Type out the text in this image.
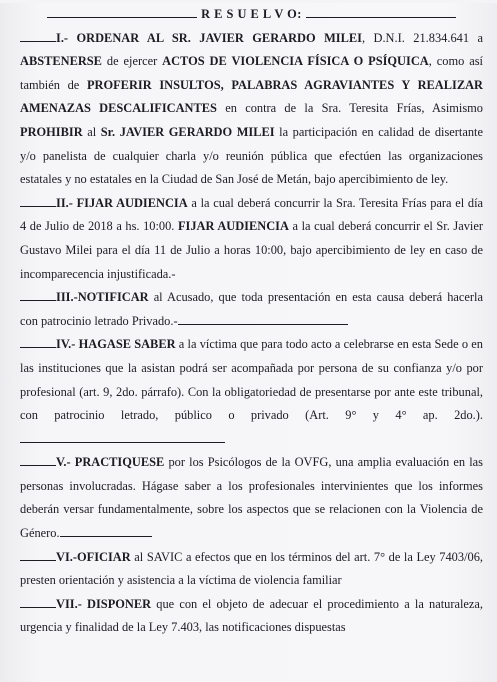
R E S U E L V O:

I.- ORDENAR AL SR. JAVIER GERARDO MILEI, D.N.I. 21.834.641 a ABSTENERSE de ejercer ACTOS DE VIOLENCIA FÍSICA O PSÍQUICA, como así también de PROFERIR INSULTOS, PALABRAS AGRAVIANTES Y REALIZAR AMENAZAS DESCALIFICANTES en contra de la Sra. Teresita Frías, Asimismo PROHIBIR al Sr. JAVIER GERARDO MILEI la participación en calidad de disertante y/o panelista de cualquier charla y/o reunión pública que efectúen las organizaciones estatales y no estatales en la Ciudad de San José de Metán, bajo apercibimiento de ley.

II.- FIJAR AUDIENCIA a la cual deberá concurrir la Sra. Teresita Frías para el día 4 de Julio de 2018 a hs. 10:00. FIJAR AUDIENCIA a la cual deberá concurrir el Sr. Javier Gustavo Milei para el día 11 de Julio a horas 10:00, bajo apercibimiento de ley en caso de incomparecencia injustificada.-

III.-NOTIFICAR al Acusado, que toda presentación en esta causa deberá hacerla con patrocinio letrado Privado.-

IV.- HAGASE SABER a la víctima que para todo acto a celebrarse en esta Sede o en las instituciones que la asistan podrá ser acompañada por persona de su confianza y/o por profesional (art. 9, 2do. párrafo). Con la obligatoriedad de presentarse por ante este tribunal, con patrocinio letrado, público o privado (Art. 9° y 4° ap. 2do.).

V.- PRACTIQUESE por los Psicólogos de la OVFG, una amplia evaluación en las personas involucradas. Hágase saber a los profesionales intervinientes que los informes deberán versar fundamentalmente, sobre los aspectos que se relacionen con la Violencia de Género.

VI.-OFICIAR al SAVIC a efectos que en los términos del art. 7° de la Ley 7403/06, presten orientación y asistencia a la víctima de violencia familiar

VII.- DISPONER que con el objeto de adecuar el procedimiento a la naturaleza, urgencia y finalidad de la Ley 7.403, las notificaciones dispuestas
